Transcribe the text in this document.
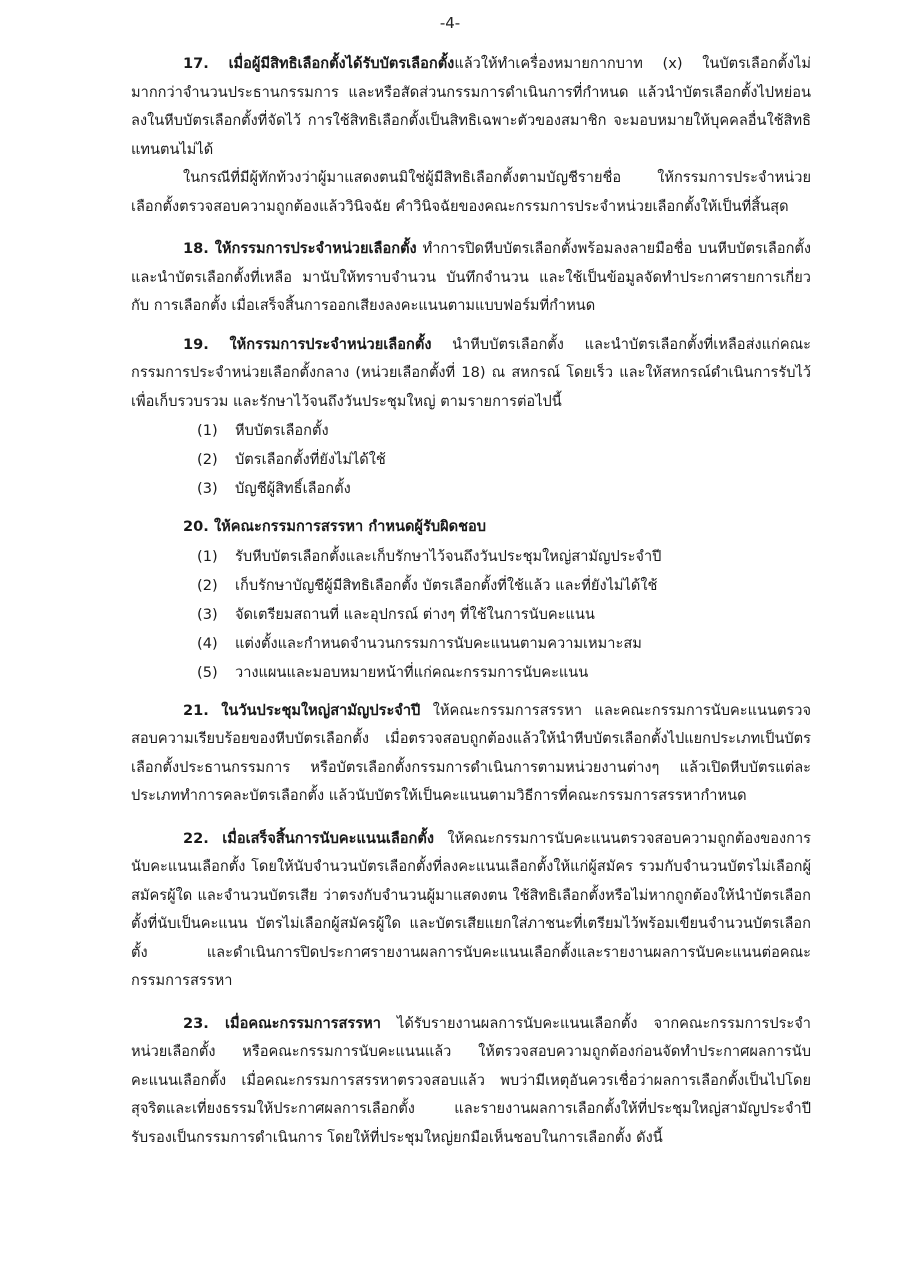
-4-

17. เมื่อผู้มีสิทธิเลือกตั้งได้รับบัตรเลือกตั้งแล้วให้ทำเครื่องหมายกากบาท (x) ในบัตรเลือกตั้งไม่มากกว่าจำนวนประธานกรรมการ และหรือสัดส่วนกรรมการดำเนินการที่กำหนด แล้วนำบัตรเลือกตั้งไปหย่อนลงในหีบบัตรเลือกตั้งที่จัดไว้ การใช้สิทธิเลือกตั้งเป็นสิทธิเฉพาะตัวของสมาชิก จะมอบหมายให้บุคคลอื่นใช้สิทธิแทนตนไม่ได้

ในกรณีที่มีผู้ทักท้วงว่าผู้มาแสดงตนมิใช่ผู้มีสิทธิเลือกตั้งตามบัญชีรายชื่อ ให้กรรมการประจำหน่วยเลือกตั้งตรวจสอบความถูกต้องแล้ววินิจฉัย คำวินิจฉัยของคณะกรรมการประจำหน่วยเลือกตั้งให้เป็นที่สิ้นสุด

18. ให้กรรมการประจำหน่วยเลือกตั้ง ทำการปิดหีบบัตรเลือกตั้งพร้อมลงลายมือชื่อ บนหีบบัตรเลือกตั้ง และนำบัตรเลือกตั้งที่เหลือ มานับให้ทราบจำนวน บันทึกจำนวน และใช้เป็นข้อมูลจัดทำประกาศรายการเกี่ยวกับ การเลือกตั้ง เมื่อเสร็จสิ้นการออกเสียงลงคะแนนตามแบบฟอร์มที่กำหนด

19. ให้กรรมการประจำหน่วยเลือกตั้ง นำหีบบัตรเลือกตั้ง และนำบัตรเลือกตั้งที่เหลือส่งแก่คณะกรรมการประจำหน่วยเลือกตั้งกลาง (หน่วยเลือกตั้งที่ 18) ณ สหกรณ์ โดยเร็ว และให้สหกรณ์ดำเนินการรับไว้ เพื่อเก็บรวบรวม และรักษาไว้จนถึงวันประชุมใหญ่ ตามรายการต่อไปนี้

(1)	หีบบัตรเลือกตั้ง
(2)	บัตรเลือกตั้งที่ยังไม่ได้ใช้
(3)	บัญชีผู้สิทธิ์เลือกตั้ง

20. ให้คณะกรรมการสรรหา กำหนดผู้รับผิดชอบ

(1)	รับหีบบัตรเลือกตั้งและเก็บรักษาไว้จนถึงวันประชุมใหญ่สามัญประจำปี
(2)	เก็บรักษาบัญชีผู้มีสิทธิเลือกตั้ง บัตรเลือกตั้งที่ใช้แล้ว และที่ยังไม่ได้ใช้
(3)	จัดเตรียมสถานที่ และอุปกรณ์ ต่างๆ ที่ใช้ในการนับคะแนน
(4)	แต่งตั้งและกำหนดจำนวนกรรมการนับคะแนนตามความเหมาะสม
(5)	วางแผนและมอบหมายหน้าที่แก่คณะกรรมการนับคะแนน

21. ในวันประชุมใหญ่สามัญประจำปี ให้คณะกรรมการสรรหา และคณะกรรมการนับคะแนนตรวจสอบความเรียบร้อยของหีบบัตรเลือกตั้ง เมื่อตรวจสอบถูกต้องแล้วให้นำหีบบัตรเลือกตั้งไปแยกประเภทเป็นบัตรเลือกตั้งประธานกรรมการ หรือบัตรเลือกตั้งกรรมการดำเนินการตามหน่วยงานต่างๆ แล้วเปิดหีบบัตรแต่ละประเภททำการคละบัตรเลือกตั้ง แล้วนับบัตรให้เป็นคะแนนตามวิธีการที่คณะกรรมการสรรหากำหนด

22. เมื่อเสร็จสิ้นการนับคะแนนเลือกตั้ง ให้คณะกรรมการนับคะแนนตรวจสอบความถูกต้องของการนับคะแนนเลือกตั้ง โดยให้นับจำนวนบัตรเลือกตั้งที่ลงคะแนนเลือกตั้งให้แก่ผู้สมัคร รวมกับจำนวนบัตรไม่เลือกผู้สมัครผู้ใด และจำนวนบัตรเสีย ว่าตรงกับจำนวนผู้มาแสดงตน ใช้สิทธิเลือกตั้งหรือไม่หากถูกต้องให้นำบัตรเลือกตั้งที่นับเป็นคะแนน บัตรไม่เลือกผู้สมัครผู้ใด และบัตรเสียแยกใส่ภาชนะที่เตรียมไว้พร้อมเขียนจำนวนบัตรเลือกตั้ง และดำเนินการปิดประกาศรายงานผลการนับคะแนนเลือกตั้งและรายงานผลการนับคะแนนต่อคณะกรรมการสรรหา

23. เมื่อคณะกรรมการสรรหา ได้รับรายงานผลการนับคะแนนเลือกตั้ง จากคณะกรรมการประจำหน่วยเลือกตั้ง หรือคณะกรรมการนับคะแนนแล้ว ให้ตรวจสอบความถูกต้องก่อนจัดทำประกาศผลการนับคะแนนเลือกตั้ง เมื่อคณะกรรมการสรรหาตรวจสอบแล้ว พบว่ามีเหตุอันควรเชื่อว่าผลการเลือกตั้งเป็นไปโดยสุจริตและเที่ยงธรรมให้ประกาศผลการเลือกตั้ง และรายงานผลการเลือกตั้งให้ที่ประชุมใหญ่สามัญประจำปีรับรองเป็นกรรมการดำเนินการ โดยให้ที่ประชุมใหญ่ยกมือเห็นชอบในการเลือกตั้ง ดังนี้
